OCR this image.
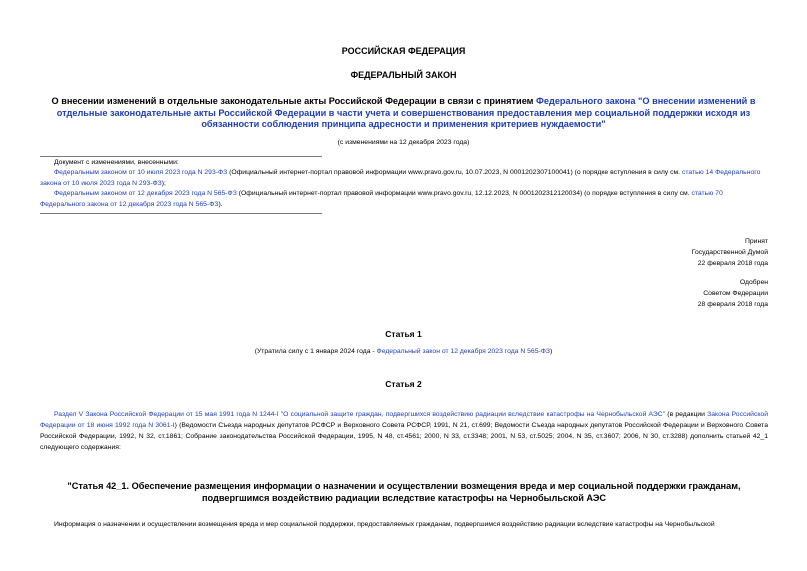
РОССИЙСКАЯ ФЕДЕРАЦИЯ
ФЕДЕРАЛЬНЫЙ ЗАКОН
О внесении изменений в отдельные законодательные акты Российской Федерации в связи с принятием Федерального закона "О внесении изменений в отдельные законодательные акты Российской Федерации в части учета и совершенствования предоставления мер социальной поддержки исходя из обязанности соблюдения принципа адресности и применения критериев нуждаемости"
(с изменениями на 12 декабря 2023 года)
Документ с изменениями, внесенными:
Федеральным законом от 10 июля 2023 года N 293-ФЗ (Официальный интернет-портал правовой информации www.pravo.gov.ru, 10.07.2023, N 0001202307100041) (о порядке вступления в силу см. статью 14 Федерального закона от 10 июля 2023 года N 293-ФЗ);
Федеральным законом от 12 декабря 2023 года N 565-ФЗ (Официальный интернет-портал правовой информации www.pravo.gov.ru, 12.12.2023, N 0001202312120034) (о порядке вступления в силу см. статью 70 Федерального закона от 12 декабря 2023 года N 565-ФЗ).
Принят
Государственной Думой
22 февраля 2018 года
Одобрен
Советом Федерации
28 февраля 2018 года
Статья 1
(Утратила силу с 1 января 2024 года - Федеральный закон от 12 декабря 2023 года N 565-ФЗ)
Статья 2
Раздел V Закона Российской Федерации от 15 мая 1991 года N 1244-I "О социальной защите граждан, подвергшихся воздействию радиации вследствие катастрофы на Чернобыльской АЭС" (в редакции Закона Российской Федерации от 18 июня 1992 года N 3061-I) (Ведомости Съезда народных депутатов РСФСР и Верховного Совета РСФСР, 1991, N 21, ст.699; Ведомости Съезда народных депутатов Российской Федерации и Верховного Совета Российской Федерации, 1992, N 32, ст.1861; Собрание законодательства Российской Федерации, 1995, N 48, ст.4561; 2000, N 33, ст.3348; 2001, N 53, ст.5025; 2004, N 35, ст.3607; 2006, N 30, ст.3288) дополнить статьей 42_1 следующего содержания:
"Статья 42_1. Обеспечение размещения информации о назначении и осуществлении возмещения вреда и мер социальной поддержки гражданам, подвергшимся воздействию радиации вследствие катастрофы на Чернобыльской АЭС
Информация о назначении и осуществлении возмещения вреда и мер социальной поддержки, предоставляемых гражданам, подвергшимся воздействию радиации вследствие катастрофы на Чернобыльской
